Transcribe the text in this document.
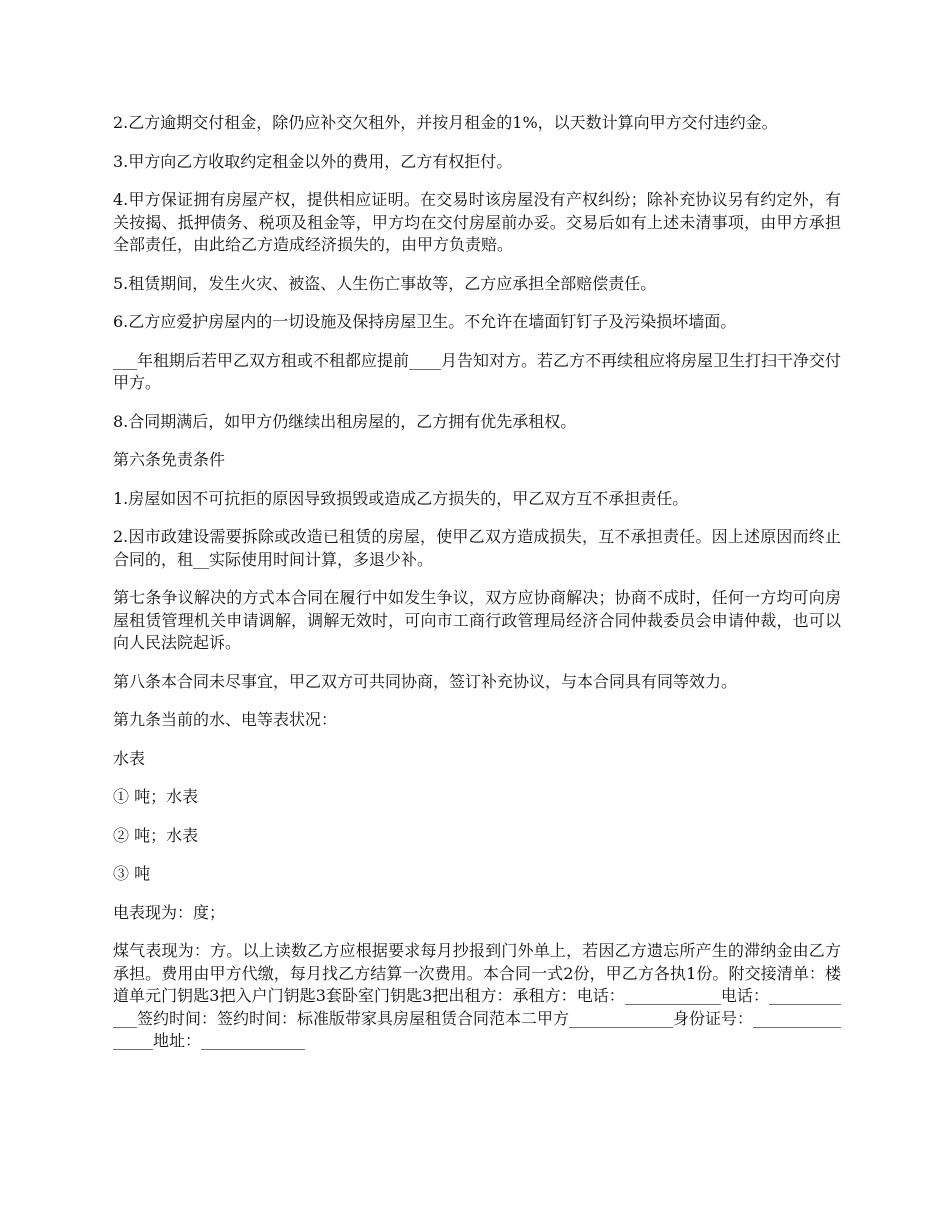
2.乙方逾期交付租金，除仍应补交欠租外，并按月租金的1%，以天数计算向甲方交付违约金。

3.甲方向乙方收取约定租金以外的费用，乙方有权拒付。

4.甲方保证拥有房屋产权，提供相应证明。在交易时该房屋没有产权纠纷；除补充协议另有约定外，有关按揭、抵押债务、税项及租金等，甲方均在交付房屋前办妥。交易后如有上述未清事项，由甲方承担全部责任，由此给乙方造成经济损失的，由甲方负责赔。

5.租赁期间，发生火灾、被盗、人生伤亡事故等，乙方应承担全部赔偿责任。

6.乙方应爱护房屋内的一切设施及保持房屋卫生。不允许在墙面钉钉子及污染损坏墙面。

___年租期后若甲乙双方租或不租都应提前____月告知对方。若乙方不再续租应将房屋卫生打扫干净交付甲方。

8.合同期满后，如甲方仍继续出租房屋的，乙方拥有优先承租权。

第六条免责条件

1.房屋如因不可抗拒的原因导致损毁或造成乙方损失的，甲乙双方互不承担责任。

2.因市政建设需要拆除或改造已租赁的房屋，使甲乙双方造成损失，互不承担责任。因上述原因而终止合同的，租__实际使用时间计算，多退少补。

第七条争议解决的方式本合同在履行中如发生争议，双方应协商解决；协商不成时，任何一方均可向房屋租赁管理机关申请调解，调解无效时，可向市工商行政管理局经济合同仲裁委员会申请仲裁，也可以向人民法院起诉。

第八条本合同未尽事宜，甲乙双方可共同协商，签订补充协议，与本合同具有同等效力。

第九条当前的水、电等表状况：

水表

① 吨；水表

② 吨；水表

③ 吨

电表现为：度；

煤气表现为：方。以上读数乙方应根据要求每月抄报到门外单上，若因乙方遗忘所产生的滞纳金由乙方承担。费用由甲方代缴，每月找乙方结算一次费用。本合同一式2份，甲乙方各执1份。附交接清单：楼道单元门钥匙3把入户门钥匙3套卧室门钥匙3把出租方：承租方：电话：____________电话：____________签约时间：签约时间：标准版带家具房屋租赁合同范本二甲方_____________身份证号：________________地址：_____________
